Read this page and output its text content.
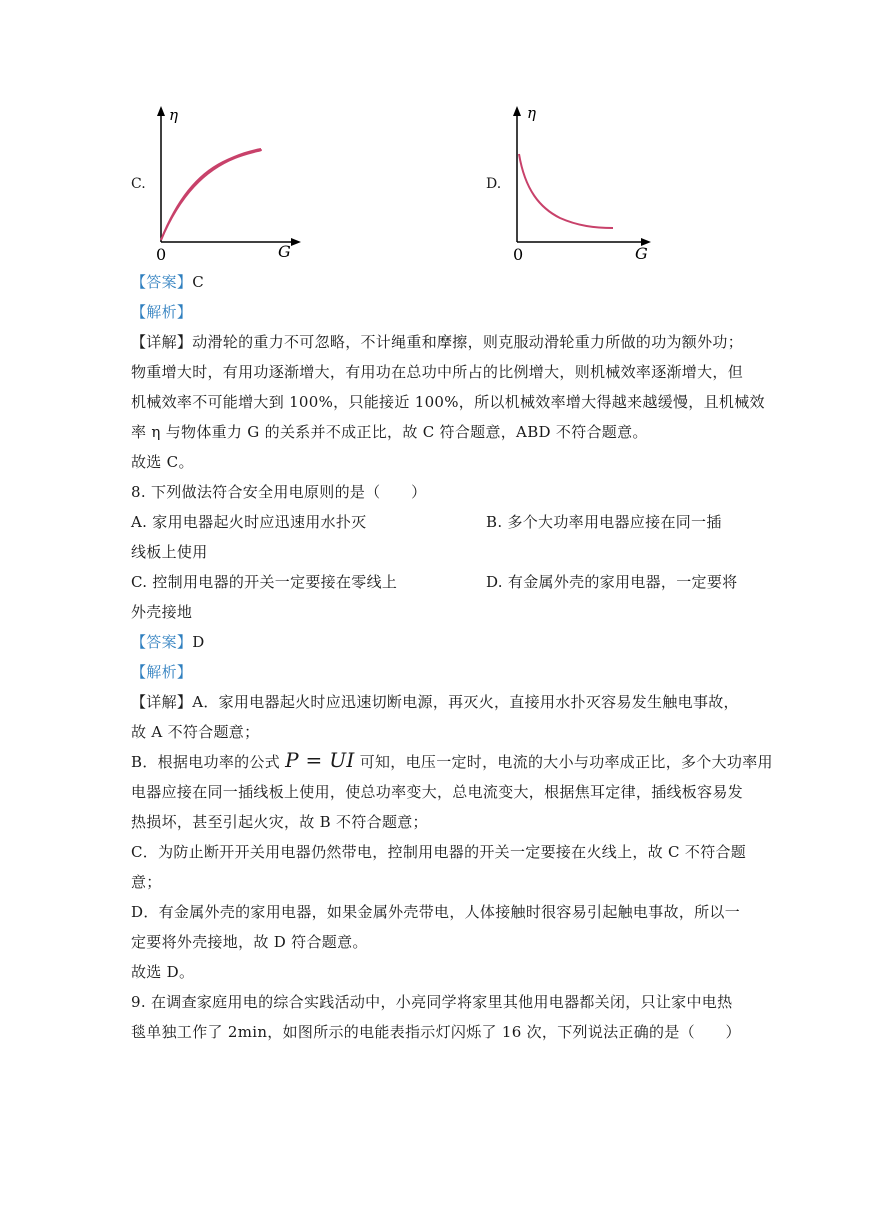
C.
η
0	G
D.
η
0	G
【答案】C
【解析】
【详解】动滑轮的重力不可忽略，不计绳重和摩擦，则克服动滑轮重力所做的功为额外功；
物重增大时，有用功逐渐增大，有用功在总功中所占的比例增大，则机械效率逐渐增大，但
机械效率不可能增大到 100%，只能接近 100%，所以机械效率增大得越来越缓慢，且机械效
率 η 与物体重力 G 的关系并不成正比，故 C 符合题意，ABD 不符合题意。
故选 C。
8. 下列做法符合安全用电原则的是（　　）
A. 家用电器起火时应迅速用水扑灭	B. 多个大功率用电器应接在同一插
线板上使用
C. 控制用电器的开关一定要接在零线上	D. 有金属外壳的家用电器，一定要将
外壳接地
【答案】D
【解析】
【详解】A．家用电器起火时应迅速切断电源，再灭火，直接用水扑灭容易发生触电事故，
故 A 不符合题意；
B．根据电功率的公式 P = UI 可知，电压一定时，电流的大小与功率成正比，多个大功率用
电器应接在同一插线板上使用，使总功率变大，总电流变大，根据焦耳定律，插线板容易发
热损坏，甚至引起火灾，故 B 不符合题意；
C．为防止断开开关用电器仍然带电，控制用电器的开关一定要接在火线上，故 C 不符合题
意；
D．有金属外壳的家用电器，如果金属外壳带电，人体接触时很容易引起触电事故，所以一
定要将外壳接地，故 D 符合题意。
故选 D。
9. 在调查家庭用电的综合实践活动中，小亮同学将家里其他用电器都关闭，只让家中电热
毯单独工作了 2min，如图所示的电能表指示灯闪烁了 16 次，下列说法正确的是（　　）
